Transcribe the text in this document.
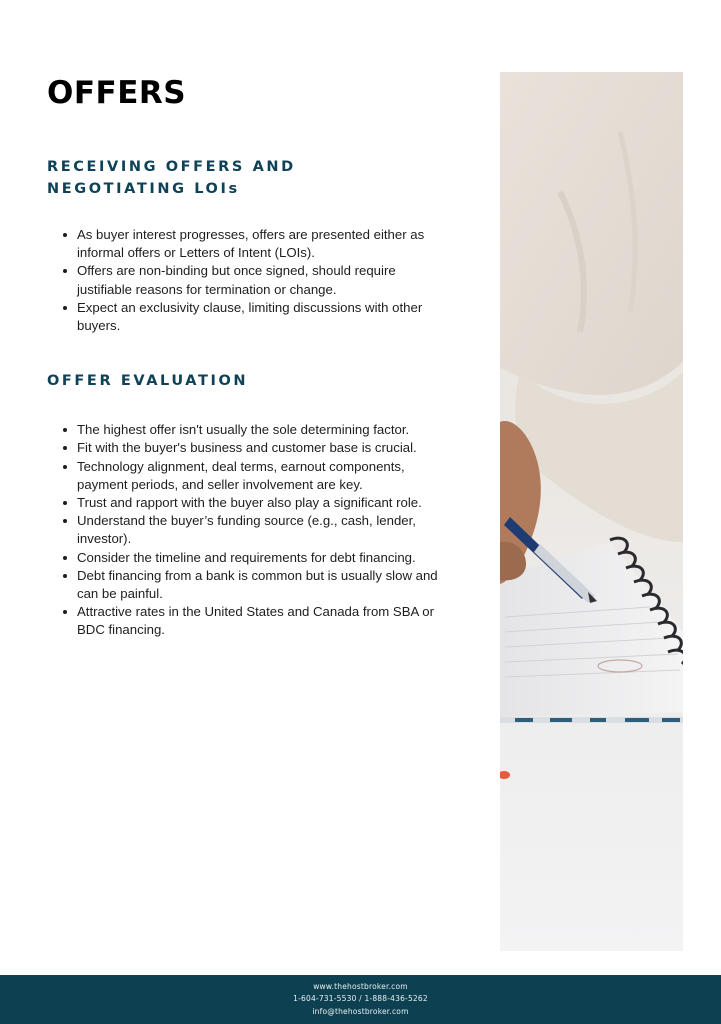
OFFERS
RECEIVING OFFERS AND
NEGOTIATING LOIs
As buyer interest progresses, offers are presented either as informal offers or Letters of Intent (LOIs).
Offers are non-binding but once signed, should require justifiable reasons for termination or change.
Expect an exclusivity clause, limiting discussions with other buyers.
OFFER EVALUATION
The highest offer isn't usually the sole determining factor.
Fit with the buyer's business and customer base is crucial.
Technology alignment, deal terms, earnout components, payment periods, and seller involvement are key.
Trust and rapport with the buyer also play a significant role.
Understand the buyer’s funding source (e.g., cash, lender, investor).
Consider the timeline and requirements for debt financing.
Debt financing from a bank is common but is usually slow and can be painful.
Attractive rates in the United States and Canada from SBA or BDC financing.
www.thehostbroker.com
1-604-731-5530 / 1-888-436-5262
info@thehostbroker.com
